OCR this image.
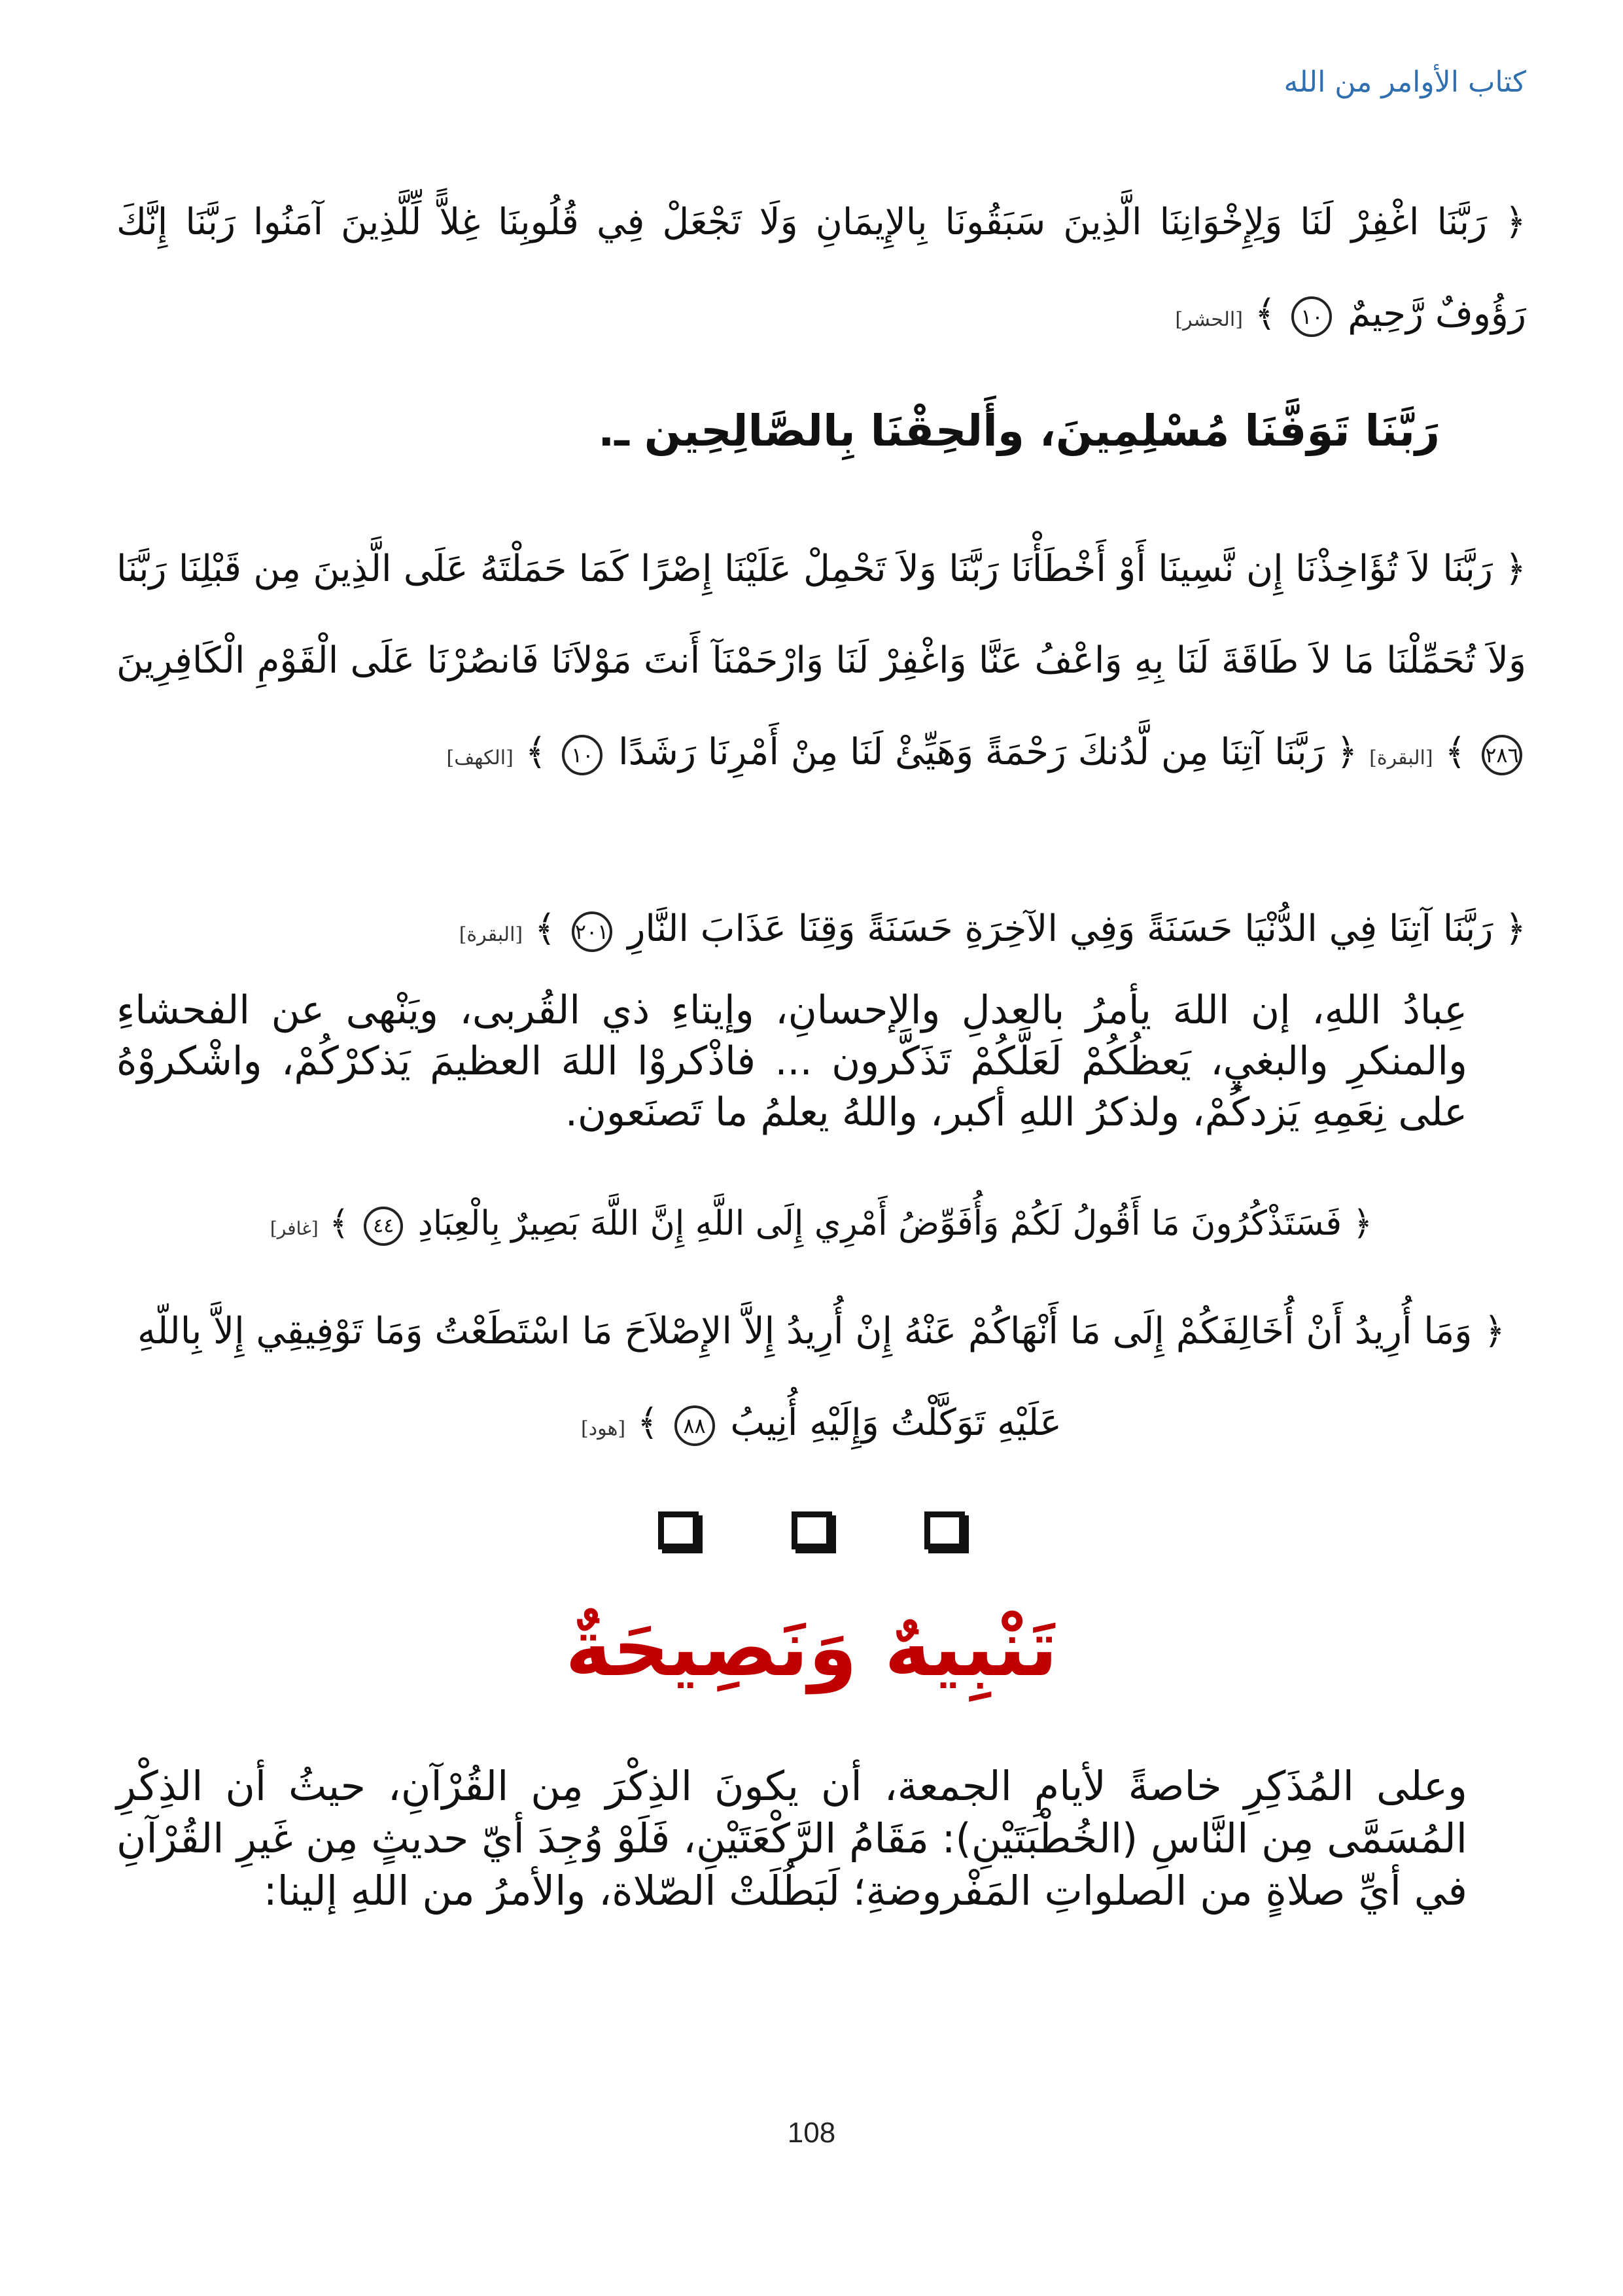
كتاب الأوامر من الله
﴿ رَبَّنَا اغْفِرْ لَنَا وَلِإِخْوَانِنَا الَّذِينَ سَبَقُونَا بِالإِيمَانِ وَلَا تَجْعَلْ فِي قُلُوبِنَا غِلاًّ لِّلَّذِينَ آمَنُوا رَبَّنَا إِنَّكَ رَؤُوفٌ رَّحِيمٌ ١٠ ﴾ [الحشر]
رَبَّنَا تَوَفَّنَا مُسْلِمِينَ، وأَلحِقْنَا بِالصَّالِحِين ـ.
﴿ رَبَّنَا لاَ تُؤَاخِذْنَا إِن نَّسِينَا أَوْ أَخْطَأْنَا رَبَّنَا وَلاَ تَحْمِلْ عَلَيْنَا إِصْرًا كَمَا حَمَلْتَهُ عَلَى الَّذِينَ مِن قَبْلِنَا رَبَّنَا وَلاَ تُحَمِّلْنَا مَا لاَ طَاقَةَ لَنَا بِهِ وَاعْفُ عَنَّا وَاغْفِرْ لَنَا وَارْحَمْنَآ أَنتَ مَوْلاَنَا فَانصُرْنَا عَلَى الْقَوْمِ الْكَافِرِينَ ٢٨٦ ﴾ [البقرة] ﴿ رَبَّنَا آتِنَا مِن لَّدُنكَ رَحْمَةً وَهَيِّئْ لَنَا مِنْ أَمْرِنَا رَشَدًا ١٠ ﴾ [الكهف]
﴿ رَبَّنَا آتِنَا فِي الدُّنْيَا حَسَنَةً وَفِي الآخِرَةِ حَسَنَةً وَقِنَا عَذَابَ النَّارِ ٢٠١ ﴾ [البقرة]
عِبادُ اللهِ، إن اللهَ يأمرُ بالعدلِ والإحسانِ، وإيتاءِ ذي القُربى، ويَنْهى عن الفحشاءِ والمنكرِ والبغيِ، يَعظُكُمْ لَعَلَّكُمْ تَذَكَّرون ... فاذْكروْا اللهَ العظيمَ يَذكرْكُمْ، واشْكروْهُ على نِعَمِهِ يَزدكُمْ، ولذكرُ اللهِ أكبر، واللهُ يعلمُ ما تَصنَعون.
﴿ فَسَتَذْكُرُونَ مَا أَقُولُ لَكُمْ وَأُفَوِّضُ أَمْرِي إِلَى اللَّهِ إِنَّ اللَّهَ بَصِيرٌ بِالْعِبَادِ ٤٤ ﴾ [غافر]
﴿ وَمَا أُرِيدُ أَنْ أُخَالِفَكُمْ إِلَى مَا أَنْهَاكُمْ عَنْهُ إِنْ أُرِيدُ إِلاَّ الإِصْلاَحَ مَا اسْتَطَعْتُ وَمَا تَوْفِيقِي إِلاَّ بِاللّهِ عَلَيْهِ تَوَكَّلْتُ وَإِلَيْهِ أُنِيبُ ٨٨ ﴾ [هود]

تَنْبِيهٌ وَنَصِيحَةٌ
وعلى المُذَكِرِ خاصةً لأيامِ الجمعة، أن يكونَ الذِكْرَ مِن القُرْآنِ، حيثُ أن الذِكْرِ المُسَمَّى مِن النَّاسِ (الخُطْبَتَيْنِ): مَقَامُ الرَّكْعَتَيْنِ، فَلَوْ وُجِدَ أيّ حديثٍ مِن غَيرِ القُرْآنِ في أيِّ صلاةٍ من الصلواتِ المَفْروضةِ؛ لَبَطُلَتْ الصّلاة، والأمرُ من اللهِ إلينا:
108
